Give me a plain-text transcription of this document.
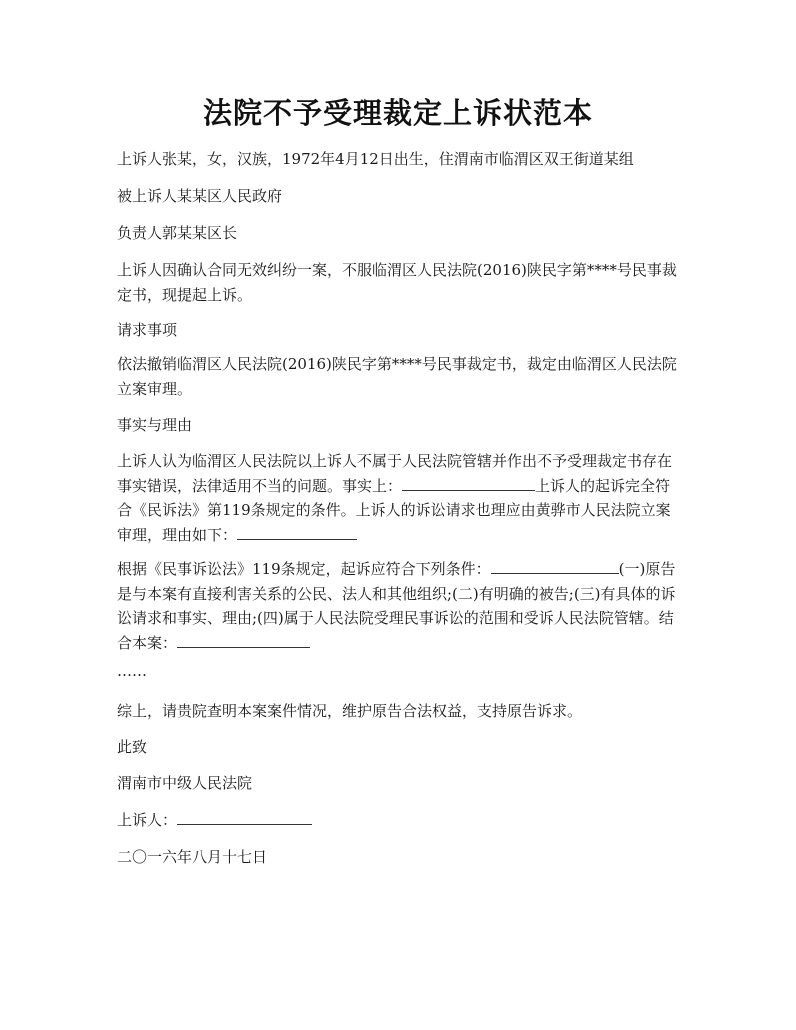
法院不予受理裁定上诉状范本

上诉人张某，女，汉族，1972年4月12日出生，住渭南市临渭区双王街道某组

被上诉人某某区人民政府

负责人郭某某区长

上诉人因确认合同无效纠纷一案，不服临渭区人民法院(2016)陕民字第****号民事裁定书，现提起上诉。

请求事项

依法撤销临渭区人民法院(2016)陕民字第****号民事裁定书，裁定由临渭区人民法院立案审理。

事实与理由

上诉人认为临渭区人民法院以上诉人不属于人民法院管辖并作出不予受理裁定书存在事实错误，法律适用不当的问题。事实上：	上诉人的起诉完全符合《民诉法》第119条规定的条件。上诉人的诉讼请求也理应由黄骅市人民法院立案审理，理由如下：

根据《民事诉讼法》119条规定，起诉应符合下列条件：	(一)原告是与本案有直接利害关系的公民、法人和其他组织;(二)有明确的被告;(三)有具体的诉讼请求和事实、理由;(四)属于人民法院受理民事诉讼的范围和受诉人民法院管辖。结合本案：

……

综上，请贵院查明本案案件情况，维护原告合法权益，支持原告诉求。

此致

渭南市中级人民法院

上诉人：

二〇一六年八月十七日
